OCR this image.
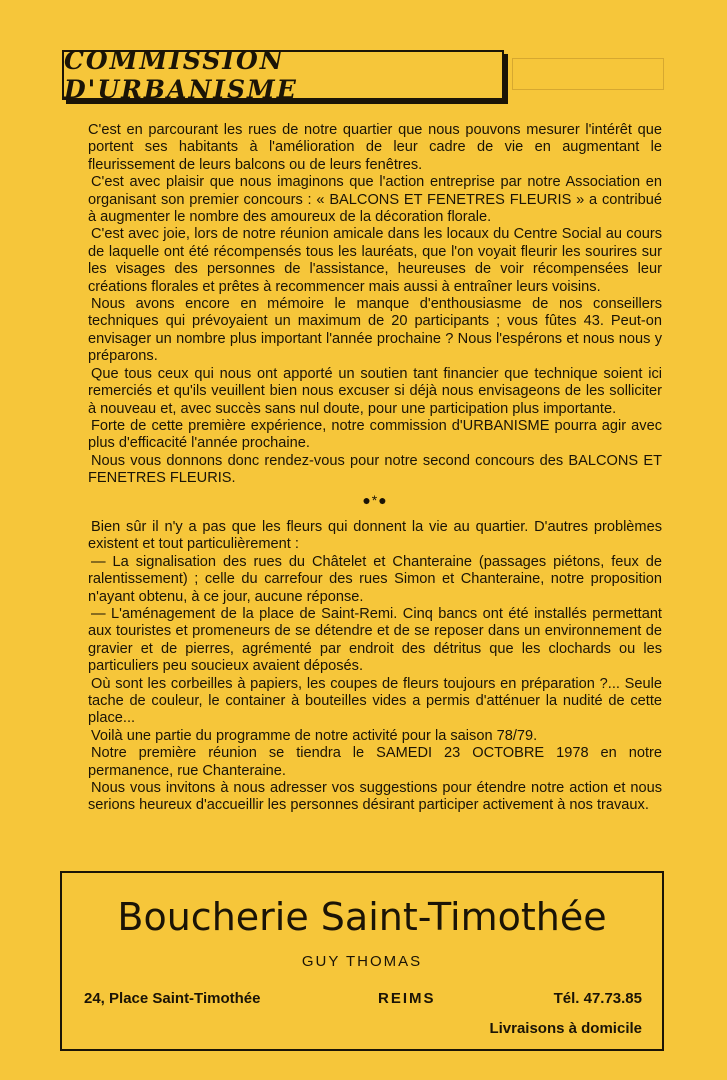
COMMISSION D'URBANISME

C'est en parcourant les rues de notre quartier que nous pouvons mesurer l'intérêt que portent ses habitants à l'amélioration de leur cadre de vie en augmentant le fleurissement de leurs balcons ou de leurs fenêtres.

C'est avec plaisir que nous imaginons que l'action entreprise par notre Association en organisant son premier concours : « BALCONS ET FENETRES FLEURIS » a contribué à augmenter le nombre des amoureux de la décoration florale.

C'est avec joie, lors de notre réunion amicale dans les locaux du Centre Social au cours de laquelle ont été récompensés tous les lauréats, que l'on voyait fleurir les sourires sur les visages des personnes de l'assistance, heureuses de voir récompensées leur créations florales et prêtes à recommencer mais aussi à entraîner leurs voisins.

Nous avons encore en mémoire le manque d'enthousiasme de nos conseillers techniques qui prévoyaient un maximum de 20 participants ; vous fûtes 43. Peut-on envisager un nombre plus important l'année prochaine ? Nous l'espérons et nous nous y préparons.

Que tous ceux qui nous ont apporté un soutien tant financier que technique soient ici remerciés et qu'ils veuillent bien nous excuser si déjà nous envisageons de les solliciter à nouveau et, avec succès sans nul doute, pour une participation plus importante.

Forte de cette première expérience, notre commission d'URBANISME pourra agir avec plus d'efficacité l'année prochaine.

Nous vous donnons donc rendez-vous pour notre second concours des BALCONS ET FENETRES FLEURIS.

●*●

Bien sûr il n'y a pas que les fleurs qui donnent la vie au quartier. D'autres problèmes existent et tout particulièrement :

— La signalisation des rues du Châtelet et Chanteraine (passages piétons, feux de ralentissement) ; celle du carrefour des rues Simon et Chanteraine, notre proposition n'ayant obtenu, à ce jour, aucune réponse.

— L'aménagement de la place de Saint-Remi. Cinq bancs ont été installés permettant aux touristes et promeneurs de se détendre et de se reposer dans un environnement de gravier et de pierres, agrémenté par endroit des détritus que les clochards ou les particuliers peu soucieux avaient déposés.

Où sont les corbeilles à papiers, les coupes de fleurs toujours en préparation ?... Seule tache de couleur, le container à bouteilles vides a permis d'atténuer la nudité de cette place...

Voilà une partie du programme de notre activité pour la saison 78/79.

Notre première réunion se tiendra le SAMEDI 23 OCTOBRE 1978 en notre permanence, rue Chanteraine.

Nous vous invitons à nous adresser vos suggestions pour étendre notre action et nous serions heureux d'accueillir les personnes désirant participer activement à nos travaux.

Boucherie Saint-Timothée
GUY THOMAS
24, Place Saint-Timothée	REIMS	Tél. 47.73.85
Livraisons à domicile
